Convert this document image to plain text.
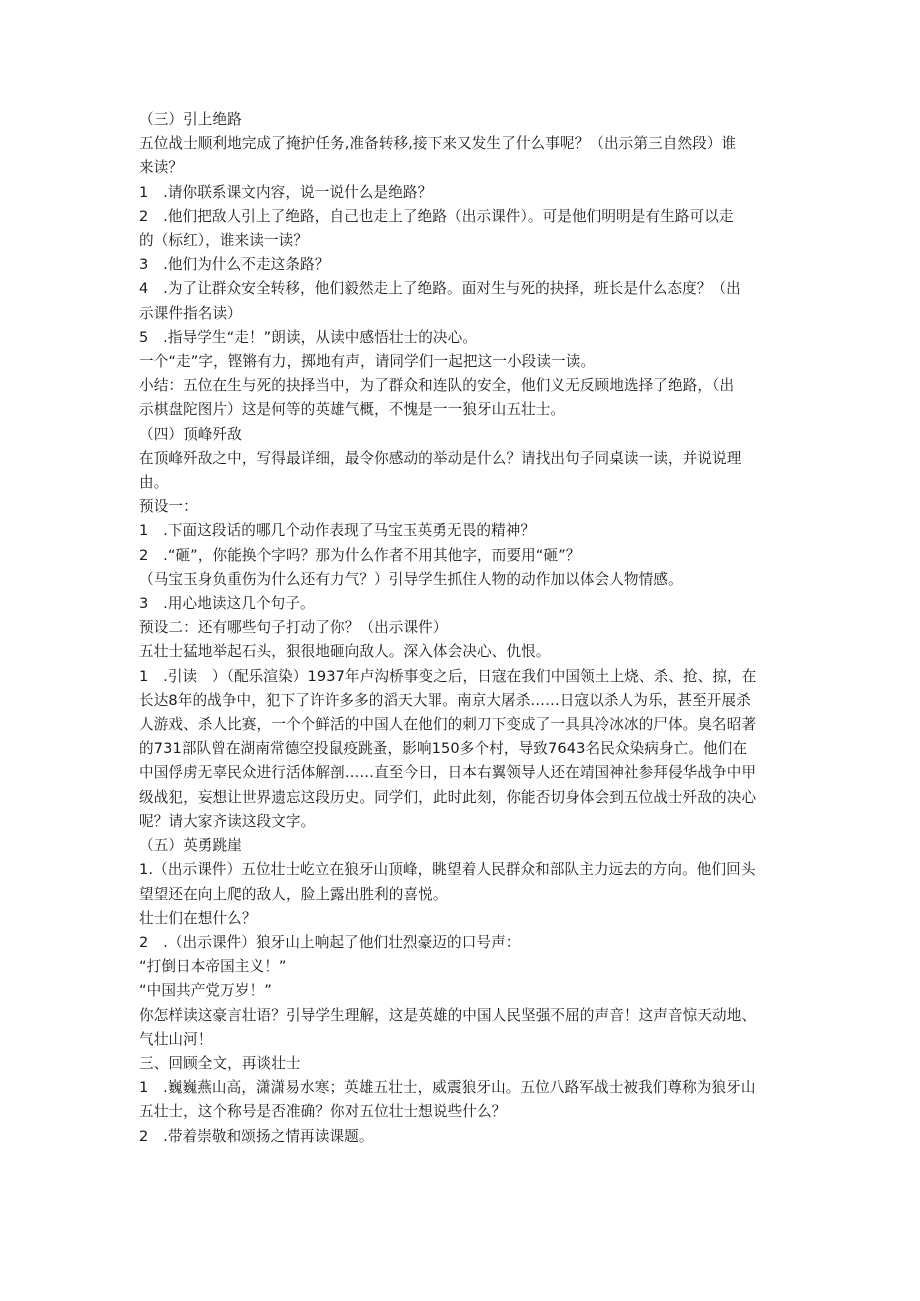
（三）引上绝路

五位战士顺利地完成了掩护任务,准备转移,接下来又发生了什么事呢？（出示第三自然段）谁

来读？

1　.请你联系课文内容，说一说什么是绝路？

2　.他们把敌人引上了绝路，自己也走上了绝路（出示课件）。可是他们明明是有生路可以走

的（标红），谁来读一读？

3　.他们为什么不走这条路？

4　.为了让群众安全转移，他们毅然走上了绝路。面对生与死的抉择，班长是什么态度？（出

示课件指名读）

5　.指导学生“走！”朗读，从读中感悟壮士的决心。

一个“走”字，铿锵有力，掷地有声，请同学们一起把这一小段读一读。

小结：五位在生与死的抉择当中，为了群众和连队的安全，他们义无反顾地选择了绝路，（出

示棋盘陀图片）这是何等的英雄气概，不愧是一一狼牙山五壮士。

（四）顶峰歼敌

在顶峰歼敌之中，写得最详细，最令你感动的举动是什么？请找出句子同桌读一读，并说说理

由。

预设一：

1　.下面这段话的哪几个动作表现了马宝玉英勇无畏的精神？

2　.“砸”，你能换个字吗？那为什么作者不用其他字，而要用“砸”？

（马宝玉身负重伤为什么还有力气？）引导学生抓住人物的动作加以体会人物情感。

3　.用心地读这几个句子。

预设二：还有哪些句子打动了你？（出示课件）

五壮士猛地举起石头，狠很地砸向敌人。深入体会决心、仇恨。

1　.引读　）（配乐渲染）1937年卢沟桥事变之后，日寇在我们中国领土上烧、杀、抢、掠，在

长达8年的战争中，犯下了许许多多的滔天大罪。南京大屠杀……日寇以杀人为乐，甚至开展杀

人游戏、杀人比赛，一个个鲜活的中国人在他们的刺刀下变成了一具具冷冰冰的尸体。臭名昭著

的731部队曾在湖南常德空投鼠疫跳蚤，影响150多个村，导致7643名民众染病身亡。他们在

中国俘虏无辜民众进行活体解剖……直至今日，日本右翼领导人还在靖国神社参拜侵华战争中甲

级战犯，妄想让世界遗忘这段历史。同学们，此时此刻，你能否切身体会到五位战士歼敌的决心

呢？请大家齐读这段文字。

（五）英勇跳崖

1.（出示课件）五位壮士屹立在狼牙山顶峰，眺望着人民群众和部队主力远去的方向。他们回头

望望还在向上爬的敌人，脸上露出胜利的喜悦。

壮士们在想什么？

2　.（出示课件）狼牙山上响起了他们壮烈豪迈的口号声：

“打倒日本帝国主义！”

“中国共产党万岁！”

你怎样读这豪言壮语？引导学生理解，这是英雄的中国人民坚强不屈的声音！这声音惊天动地、

气壮山河！

三、回顾全文，再谈壮士

1　.巍巍燕山高，潇潇易水寒；英雄五壮士，威震狼牙山。五位八路军战士被我们尊称为狼牙山

五壮士，这个称号是否准确？你对五位壮士想说些什么？

2　.带着崇敬和颂扬之情再读课题。
